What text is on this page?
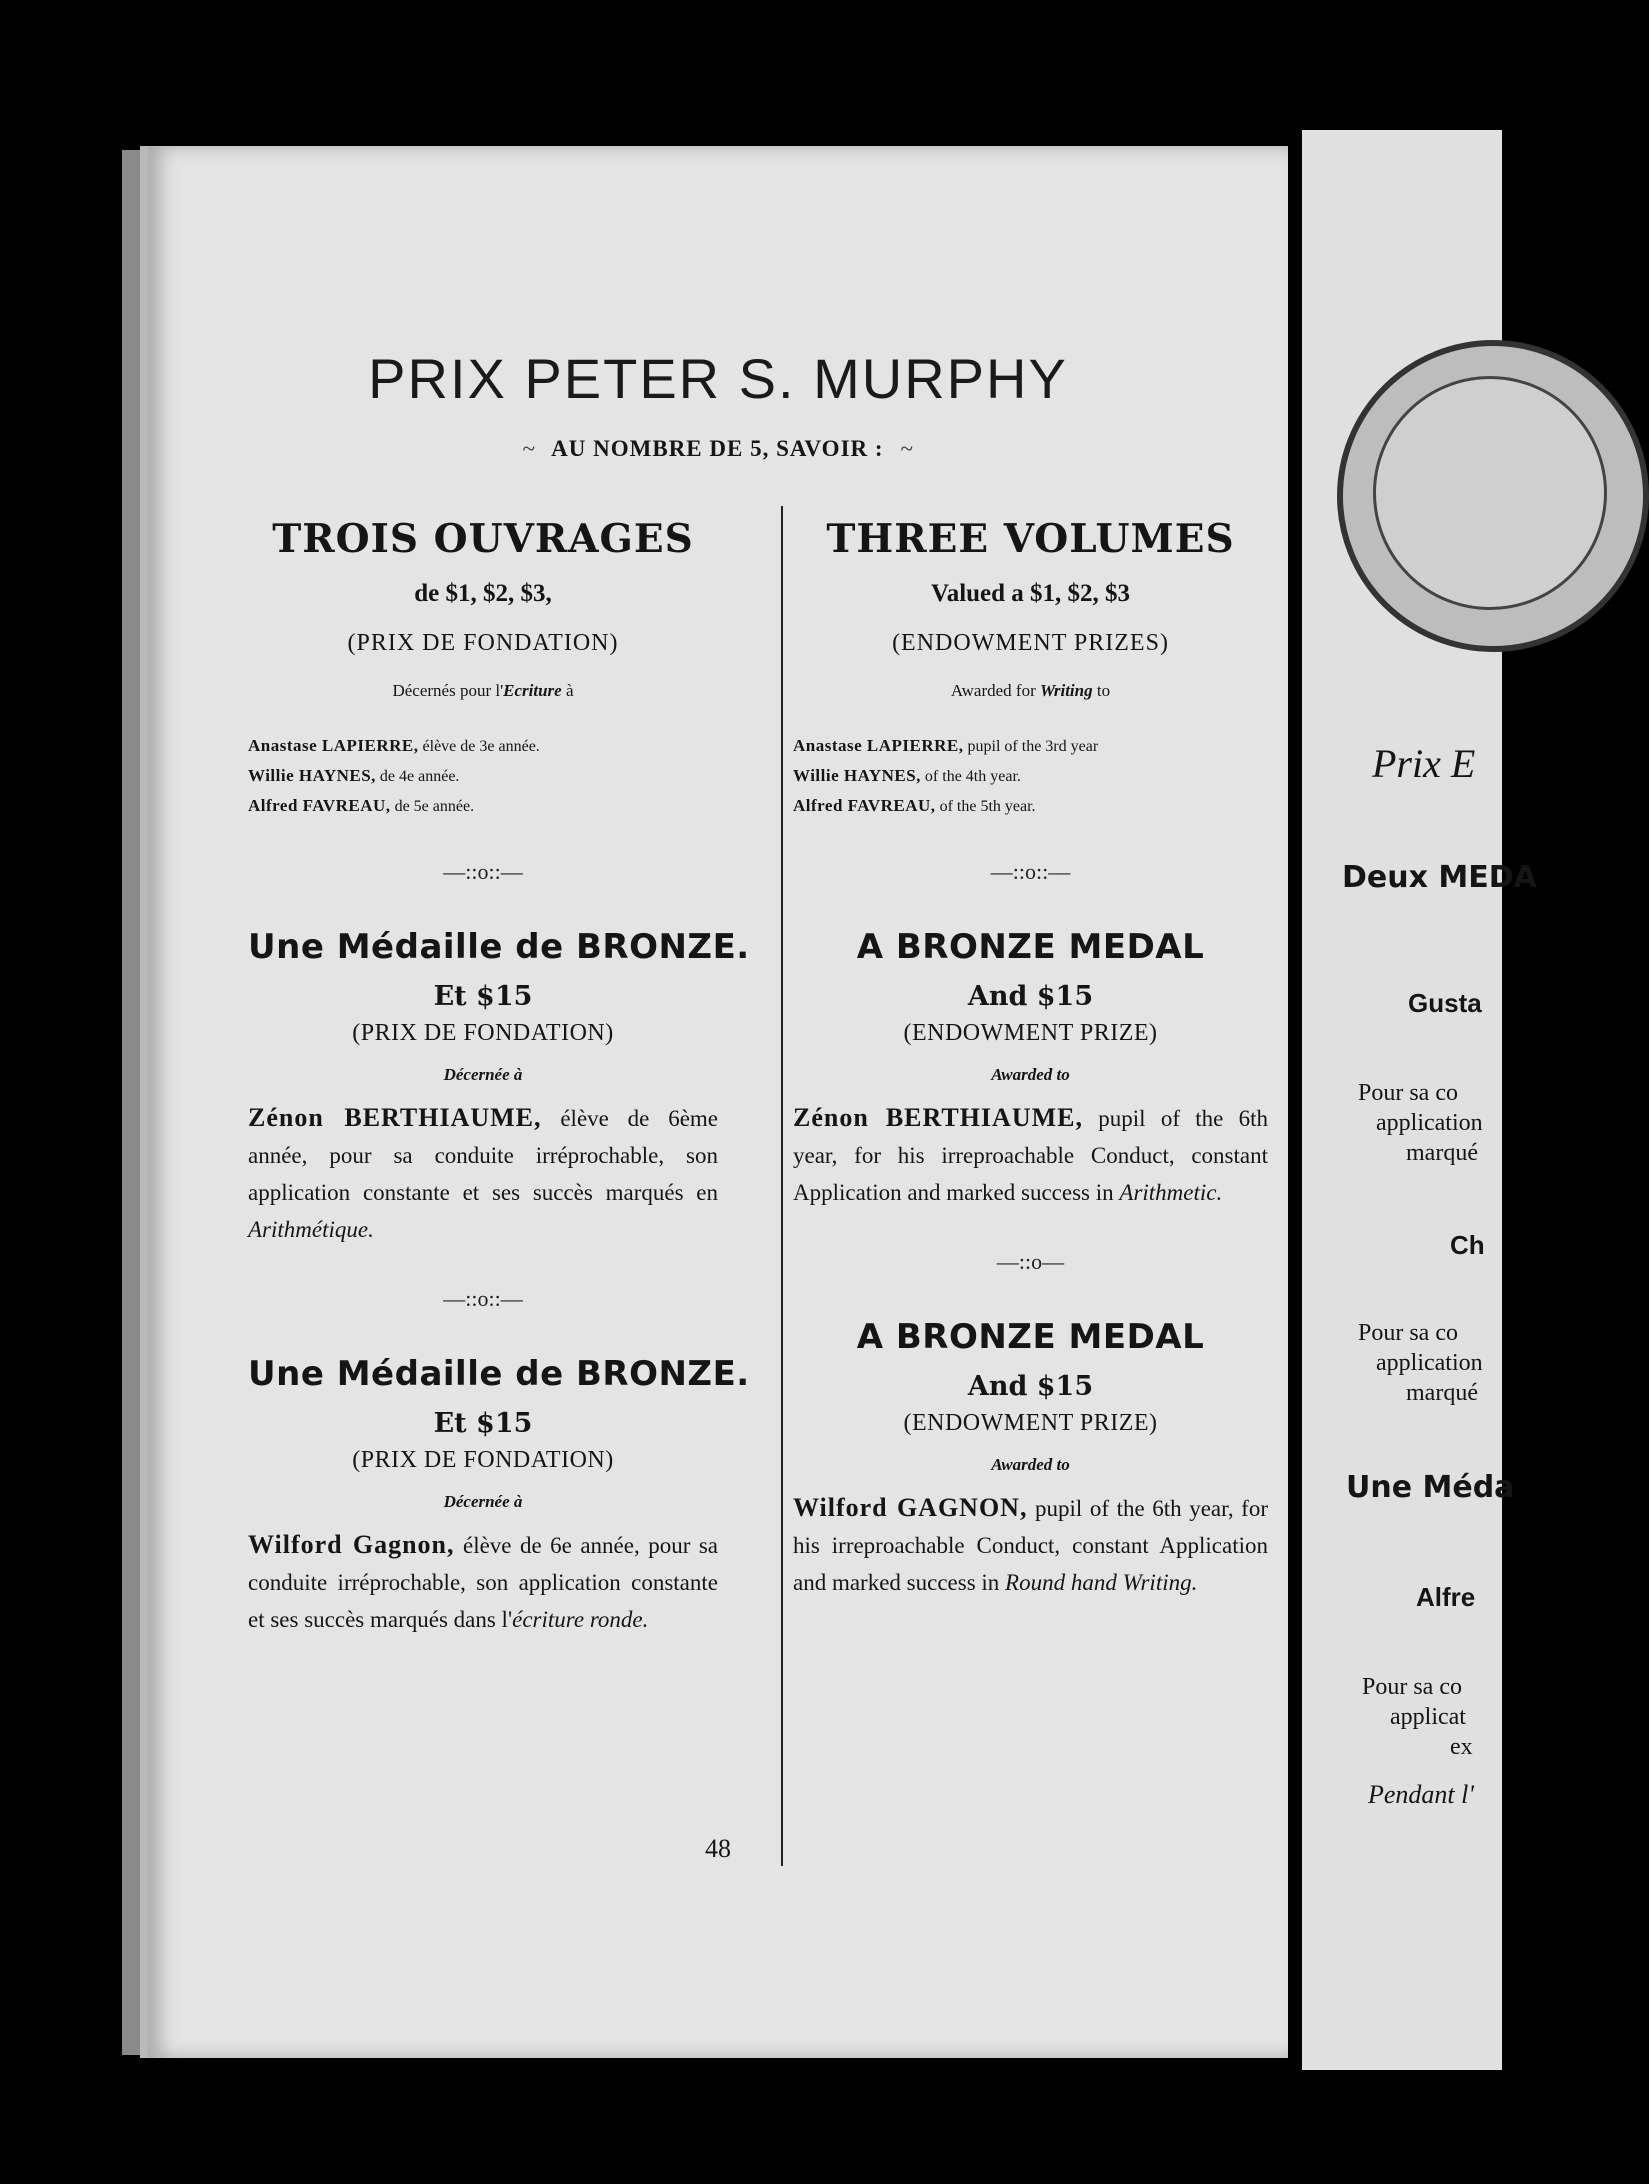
PRIX PETER S. MURPHY
~ AU NOMBRE DE 5, SAVOIR : ~
TROIS OUVRAGES
de $1, $2, $3,
(PRIX DE FONDATION)
Décernés pour l'Ecriture à
Anastase LAPIERRE, élève de 3e année.
Willie HAYNES, de 4e année.
Alfred FAVREAU, de 5e année.
—::o::—
Une Médaille de BRONZE.
Et $15
(PRIX DE FONDATION)
Décernée à
Zénon BERTHIAUME, élève de 6ème année, pour sa conduite irréprochable, son application constante et ses succès marqués en Arithmétique.
—::o::—
Une Médaille de BRONZE.
Et $15
(PRIX DE FONDATION)
Décernée à
Wilford Gagnon, élève de 6e année, pour sa conduite irréprochable, son application constante et ses succès marqués dans l'écriture ronde.
THREE VOLUMES
Valued a $1, $2, $3
(ENDOWMENT PRIZES)
Awarded for Writing to
Anastase LAPIERRE, pupil of the 3rd year
Willie HAYNES, of the 4th year.
Alfred FAVREAU, of the 5th year.
—::o::—
A BRONZE MEDAL
And $15
(ENDOWMENT PRIZE)
Awarded to
Zénon BERTHIAUME, pupil of the 6th year, for his irreproachable Conduct, constant Application and marked success in Arithmetic.
—::o—
A BRONZE MEDAL
And $15
(ENDOWMENT PRIZE)
Awarded to
Wilford GAGNON, pupil of the 6th year, for his irreproachable Conduct, constant Application and marked success in Round hand Writing.
48
Prix E
Deux MEDA
Gusta
Pour sa co
application
marqué
Ch
Pour sa co
application
marqué
Une Méda
Alfre
Pour sa co
applicat
ex
Pendant l'
